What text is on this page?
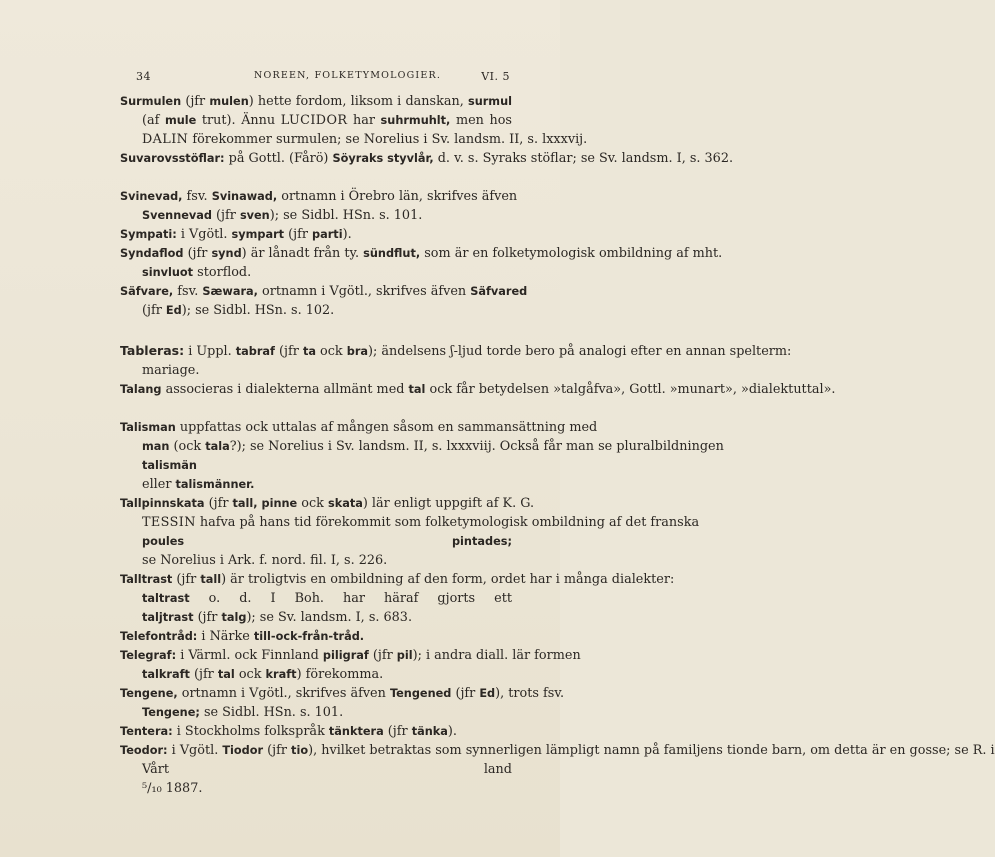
34	NOREEN, FOLKETYMOLOGIER.	VI. 5
Surmulen (jfr mulen) hette fordom, liksom i danskan, surmul
(af mule trut). Ännu LUCIDOR har suhrmuhlt, men hos
DALIN förekommer surmulen; se Norelius i Sv. landsm. II, s. lxxxvij.
Suvarovsstöflar: på Gottl. (Fårö) Söyraks styvlår, d. v. s. Syraks stöflar; se Sv. landsm. I, s. 362.
Svinevad, fsv. Svinawad, ortnamn i Örebro län, skrifves äfven
Svennevad (jfr sven); se Sidbl. HSn. s. 101.
Sympati: i Vgötl. sympart (jfr parti).
Syndaflod (jfr synd) är lånadt från ty. sündflut, som är en folketymologisk ombildning af mht.
sinvluot storflod.
Säfvare, fsv. Sæwara, ortnamn i Vgötl., skrifves äfven Säfvared
(jfr Ed); se Sidbl. HSn. s. 102.
Tableras: i Uppl. tabraf (jfr ta ock bra); ändelsens ʃ-ljud torde bero på analogi efter en annan spelterm:
mariage.
Talang associeras i dialekterna allmänt med tal ock får betydelsen »talgåfva», Gottl. »munart», »dialektuttal».
Talisman uppfattas ock uttalas af mången såsom en sammansättning med
man (ock tala?); se Norelius i Sv. landsm. II, s. lxxxviij. Också får man se pluralbildningen
talismän
eller talismänner.
Tallpinnskata (jfr tall, pinne ock skata) lär enligt uppgift af K. G.
TESSIN hafva på hans tid förekommit som folketymologisk ombildning af det franska
poules pintades;
se Norelius i Ark. f. nord. fil. I, s. 226.
Talltrast (jfr tall) är troligtvis en ombildning af den form, ordet har i många dialekter:
taltrast o. d. I Boh. har häraf gjorts ett
taljtrast (jfr talg); se Sv. landsm. I, s. 683.
Telefontråd: i Närke till-ock-från-tråd.
Telegraf: i Värml. ock Finnland piligraf (jfr pil); i andra diall. lär formen
talkraft (jfr tal ock kraft) förekomma.
Tengene, ortnamn i Vgötl., skrifves äfven Tengened (jfr Ed), trots fsv.
Tengene; se Sidbl. HSn. s. 101.
Tentera: i Stockholms folkspråk tänktera (jfr tänka).
Teodor: i Vgötl. Tiodor (jfr tio), hvilket betraktas som synnerligen lämpligt namn på familjens tionde barn, om detta är en gosse; se R. i
Vårt land
⁵/₁₀ 1887.
